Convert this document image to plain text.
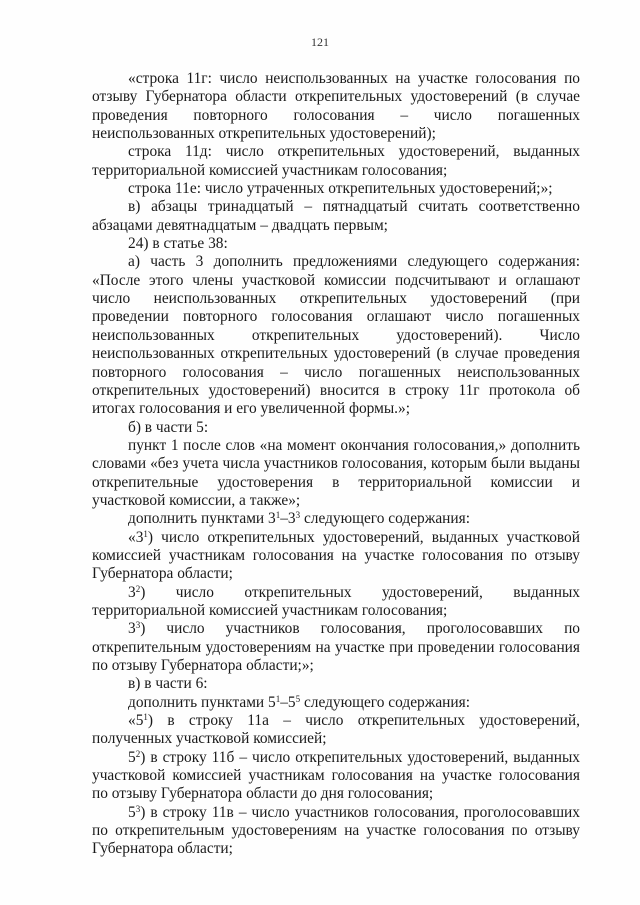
121

«строка 11г: число неиспользованных на участке голосования по отзыву Губернатора области открепительных удостоверений (в случае проведения повторного голосования – число погашенных неиспользованных открепительных удостоверений);

строка 11д: число открепительных удостоверений, выданных территориальной комиссией участникам голосования;

строка 11е: число утраченных открепительных удостоверений;»;

в) абзацы тринадцатый – пятнадцатый считать соответственно абзацами девятнадцатым – двадцать первым;

24) в статье 38:

а) часть 3 дополнить предложениями следующего содержания: «После этого члены участковой комиссии подсчитывают и оглашают число неиспользованных открепительных удостоверений (при проведении повторного голосования оглашают число погашенных неиспользованных открепительных удостоверений). Число неиспользованных открепительных удостоверений (в случае проведения повторного голосования – число погашенных неиспользованных открепительных удостоверений) вносится в строку 11г протокола об итогах голосования и его увеличенной формы.»;

б) в части 5:

пункт 1 после слов «на момент окончания голосования,» дополнить словами «без учета числа участников голосования, которым были выданы открепительные удостоверения в территориальной комиссии и участковой комиссии, а также»;

дополнить пунктами $3^1-3^3$ следующего содержания:

«$3^1$) число открепительных удостоверений, выданных участковой комиссией участникам голосования на участке голосования по отзыву Губернатора области;

$3^2$) число открепительных удостоверений, выданных территориальной комиссией участникам голосования;

$3^3$) число участников голосования, проголосовавших по открепительным удостоверениям на участке при проведении голосования по отзыву Губернатора области;»;

в) в части 6:

дополнить пунктами $5^1-5^5$ следующего содержания:

«$5^1$) в строку 11а – число открепительных удостоверений, полученных участковой комиссией;

$5^2$) в строку 11б – число открепительных удостоверений, выданных участковой комиссией участникам голосования на участке голосования по отзыву Губернатора области до дня голосования;

$5^3$) в строку 11в – число участников голосования, проголосовавших по открепительным удостоверениям на участке голосования по отзыву Губернатора области;
